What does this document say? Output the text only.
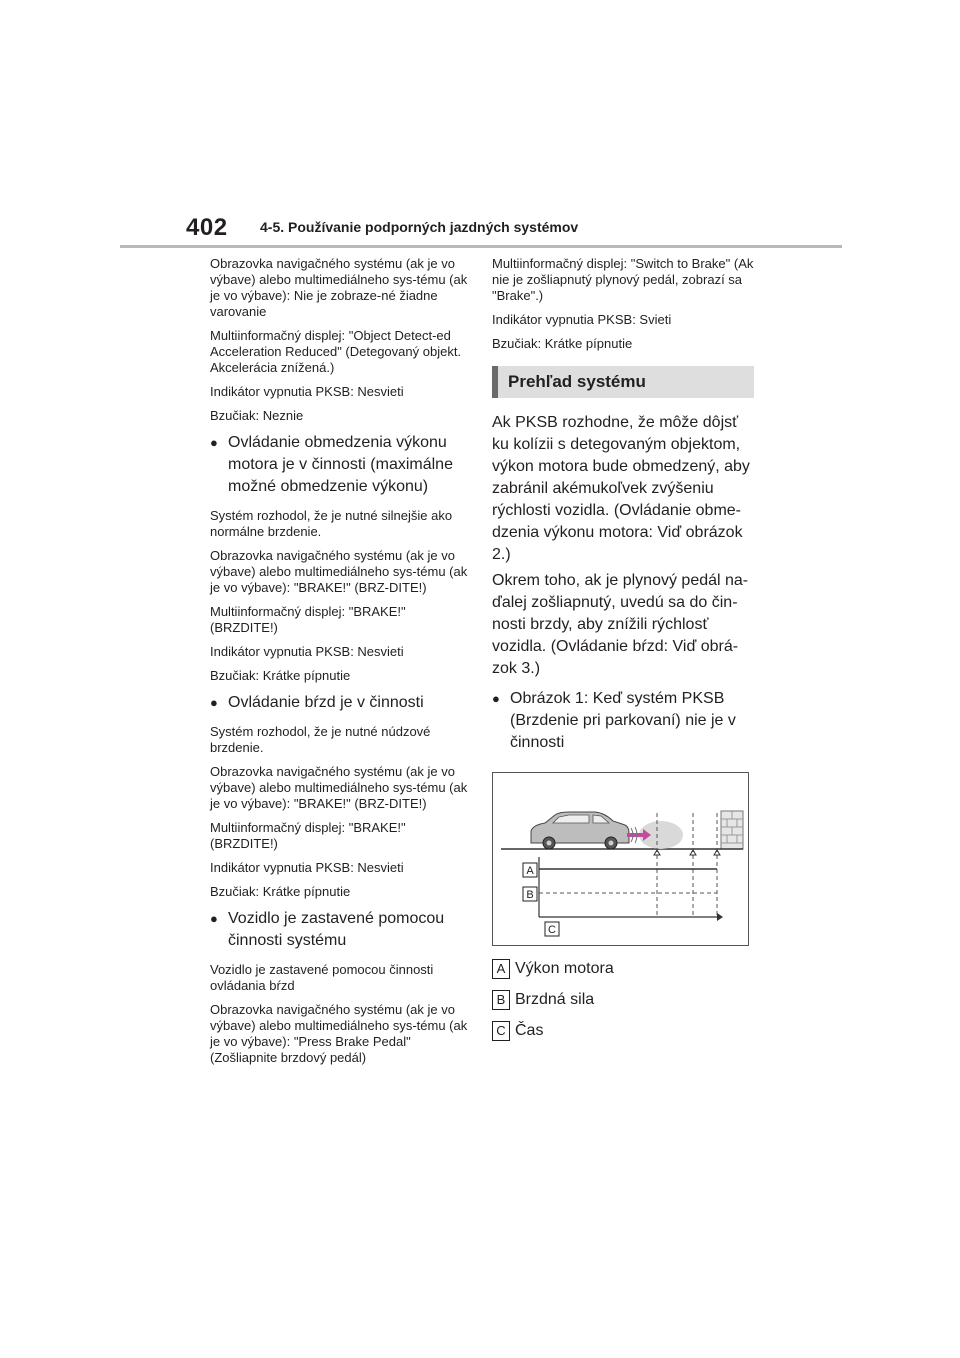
402 4-5. Používanie podporných jazdných systémov

Obrazovka navigačného systému (ak je vo výbave) alebo multimediálneho sys-tému (ak je vo výbave): Nie je zobraze-né žiadne varovanie

Multiinformačný displej: "Object Detect-ed Acceleration Reduced" (Detegovaný objekt. Akcelerácia znížená.)

Indikátor vypnutia PKSB: Nesvieti

Bzučiak: Neznie

● Ovládanie obmedzenia výkonu motora je v činnosti (maximálne možné obmedzenie výkonu)

Systém rozhodol, že je nutné silnejšie ako normálne brzdenie.

Obrazovka navigačného systému (ak je vo výbave) alebo multimediálneho sys-tému (ak je vo výbave): "BRAKE!" (BRZ-DITE!)

Multiinformačný displej: "BRAKE!" (BRZDITE!)

Indikátor vypnutia PKSB: Nesvieti

Bzučiak: Krátke pípnutie

● Ovládanie bŕzd je v činnosti

Systém rozhodol, že je nutné núdzové brzdenie.

Obrazovka navigačného systému (ak je vo výbave) alebo multimediálneho sys-tému (ak je vo výbave): "BRAKE!" (BRZ-DITE!)

Multiinformačný displej: "BRAKE!" (BRZDITE!)

Indikátor vypnutia PKSB: Nesvieti

Bzučiak: Krátke pípnutie

● Vozidlo je zastavené pomocou činnosti systému

Vozidlo je zastavené pomocou činnosti ovládania bŕzd

Obrazovka navigačného systému (ak je vo výbave) alebo multimediálneho sys-tému (ak je vo výbave): "Press Brake Pedal" (Zošliapnite brzdový pedál)

Multiinformačný displej: "Switch to Brake" (Ak nie je zošliapnutý plynový pedál, zobrazí sa "Brake".)

Indikátor vypnutia PKSB: Svieti

Bzučiak: Krátke pípnutie

Prehľad systému

Ak PKSB rozhodne, že môže dôjsť ku kolízii s detegovaným objektom, výkon motora bude obmedzený, aby zabránil akémukoľvek zvýšeniu rýchlosti vozidla. (Ovládanie obme-dzenia výkonu motora: Viď obrázok 2.)

Okrem toho, ak je plynový pedál na-ďalej zošliapnutý, uvedú sa do čin-nosti brzdy, aby znížili rýchlosť vozidla. (Ovládanie bŕzd: Viď obrá-zok 3.)

● Obrázok 1: Keď systém PKSB (Brzdenie pri parkovaní) nie je v činnosti
A
B
C
A Výkon motora
B Brzdná sila
C Čas
